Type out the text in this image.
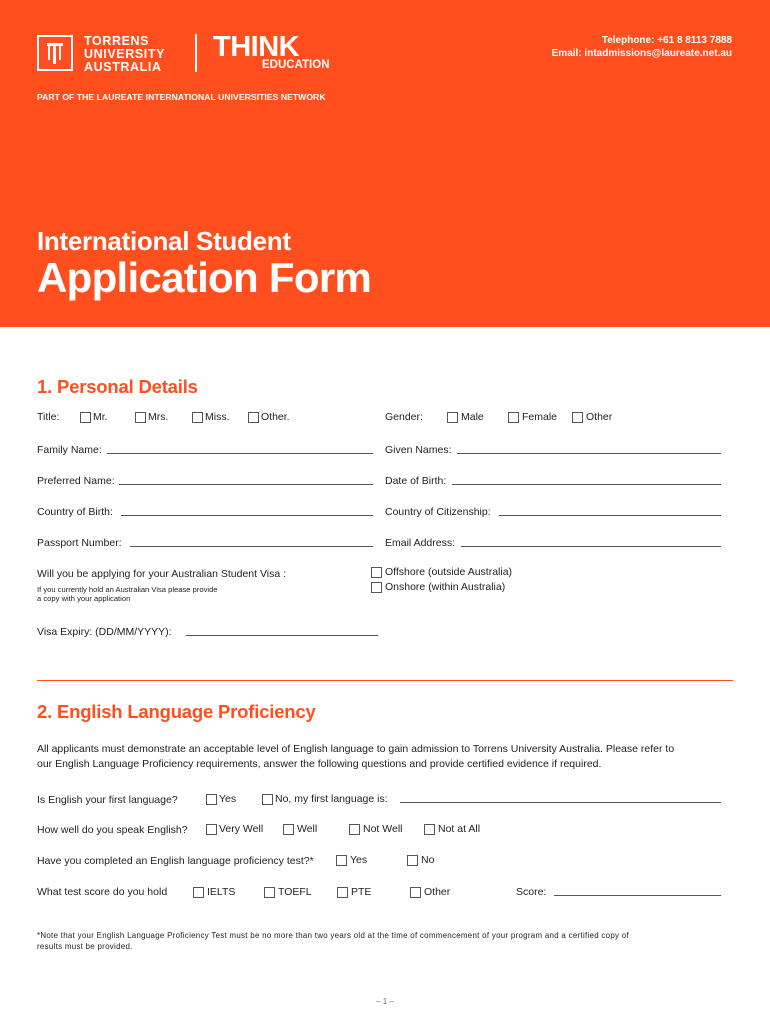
TORRENS
UNIVERSITY
AUSTRALIA
THINK
EDUCATION
PART OF THE LAUREATE INTERNATIONAL UNIVERSITIES NETWORK
Telephone: +61 8 8113 7888
Email: intadmissions@laureate.net.au
International Student
Application Form
1. Personal Details
Title:	Mr.	Mrs.	Miss.	Other.	Gender:	Male	Female	Other
Family Name:	Given Names:
Preferred Name:	Date of Birth:
Country of Birth:	Country of Citizenship:
Passport Number:	Email Address:
Will you be applying for your Australian Student Visa :
If you currently hold an Australian Visa please provide
a copy with your application
Offshore (outside Australia)
Onshore (within Australia)
Visa Expiry: (DD/MM/YYYY):
2. English Language Proficiency
All applicants must demonstrate an acceptable level of English language to gain admission to Torrens University Australia. Please refer to
our English Language Proficiency requirements, answer the following questions and provide certified evidence if required.
Is English your first language?	Yes	No, my first language is:
How well do you speak English?	Very Well	Well	Not Well	Not at All
Have you completed an English language proficiency test?*	Yes	No
What test score do you hold	IELTS	TOEFL	PTE	Other	Score:
*Note that your English Language Proficiency Test must be no more than two years old at the time of commencement of your program and a certified copy of
results must be provided.
– 1 –
